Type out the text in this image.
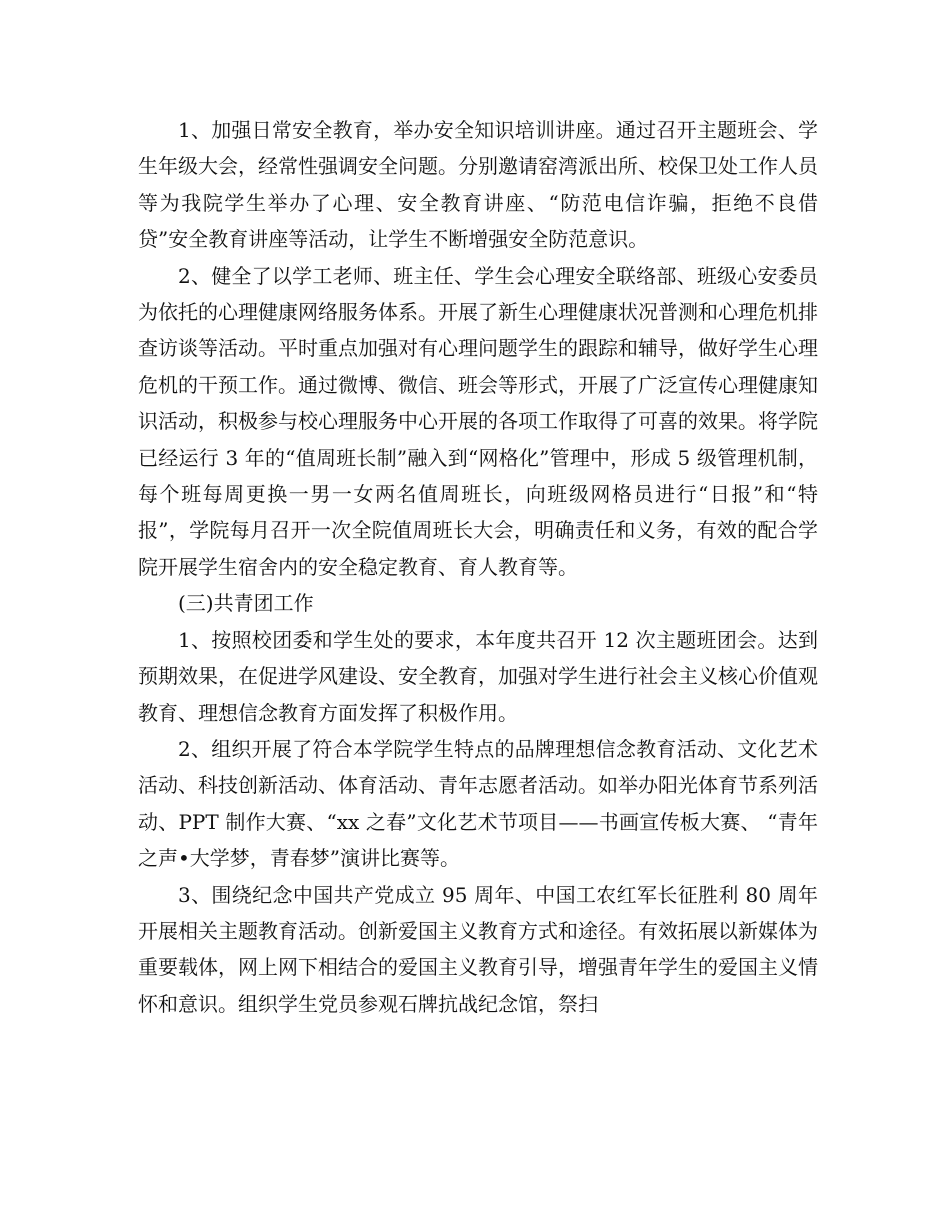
1、加强日常安全教育，举办安全知识培训讲座。通过召开主题班会、学生年级大会，经常性强调安全问题。分别邀请窑湾派出所、校保卫处工作人员等为我院学生举办了心理、安全教育讲座、“防范电信诈骗，拒绝不良借贷”安全教育讲座等活动，让学生不断增强安全防范意识。

2、健全了以学工老师、班主任、学生会心理安全联络部、班级心安委员为依托的心理健康网络服务体系。开展了新生心理健康状况普测和心理危机排查访谈等活动。平时重点加强对有心理问题学生的跟踪和辅导，做好学生心理危机的干预工作。通过微博、微信、班会等形式，开展了广泛宣传心理健康知识活动，积极参与校心理服务中心开展的各项工作取得了可喜的效果。将学院已经运行 3 年的“值周班长制”融入到“网格化”管理中，形成 5 级管理机制，每个班每周更换一男一女两名值周班长，向班级网格员进行“日报”和“特报”，学院每月召开一次全院值周班长大会，明确责任和义务，有效的配合学院开展学生宿舍内的安全稳定教育、育人教育等。

(三)共青团工作

1、按照校团委和学生处的要求，本年度共召开 12 次主题班团会。达到预期效果，在促进学风建设、安全教育，加强对学生进行社会主义核心价值观教育、理想信念教育方面发挥了积极作用。

2、组织开展了符合本学院学生特点的品牌理想信念教育活动、文化艺术活动、科技创新活动、体育活动、青年志愿者活动。如举办阳光体育节系列活动、PPT 制作大赛、“xx 之春”文化艺术节项目——书画宣传板大赛、 “青年之声•大学梦，青春梦”演讲比赛等。

3、围绕纪念中国共产党成立 95 周年、中国工农红军长征胜利 80 周年开展相关主题教育活动。创新爱国主义教育方式和途径。有效拓展以新媒体为重要载体，网上网下相结合的爱国主义教育引导，增强青年学生的爱国主义情怀和意识。组织学生党员参观石牌抗战纪念馆，祭扫
